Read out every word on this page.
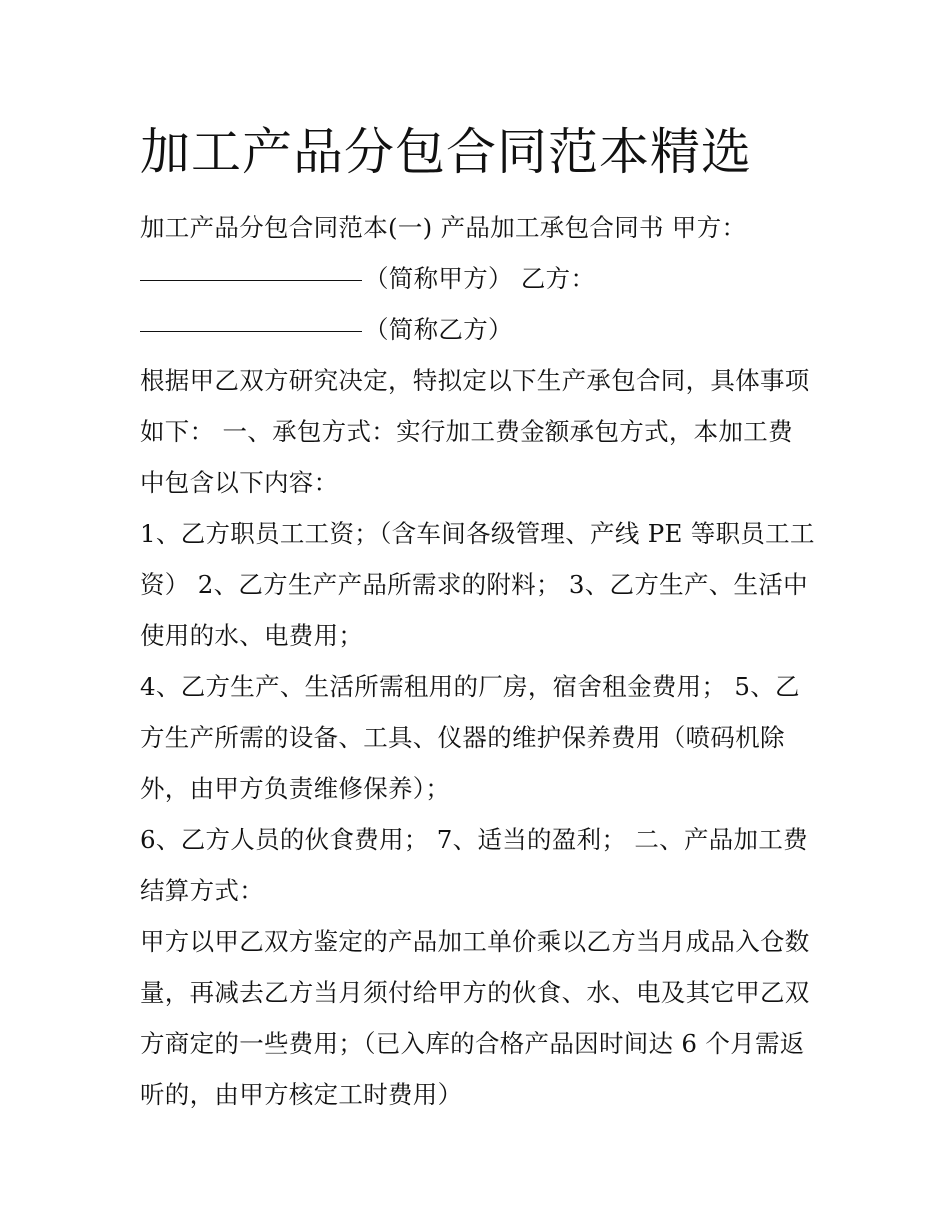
加工产品分包合同范本精选
加工产品分包合同范本(一) 产品加工承包合同书 甲方：
（简称甲方） 乙方：
（简称乙方）
根据甲乙双方研究决定，特拟定以下生产承包合同，具体事项
如下： 一、承包方式：实行加工费金额承包方式，本加工费
中包含以下内容：
1、乙方职员工工资；（含车间各级管理、产线 PE 等职员工工
资） 2、乙方生产产品所需求的附料； 3、乙方生产、生活中
使用的水、电费用；
4、乙方生产、生活所需租用的厂房，宿舍租金费用； 5、乙
方生产所需的设备、工具、仪器的维护保养费用（喷码机除
外，由甲方负责维修保养）；
6、乙方人员的伙食费用； 7、适当的盈利； 二、产品加工费
结算方式：
甲方以甲乙双方鉴定的产品加工单价乘以乙方当月成品入仓数
量，再减去乙方当月须付给甲方的伙食、水、电及其它甲乙双
方商定的一些费用；（已入库的合格产品因时间达 6 个月需返
听的，由甲方核定工时费用）
